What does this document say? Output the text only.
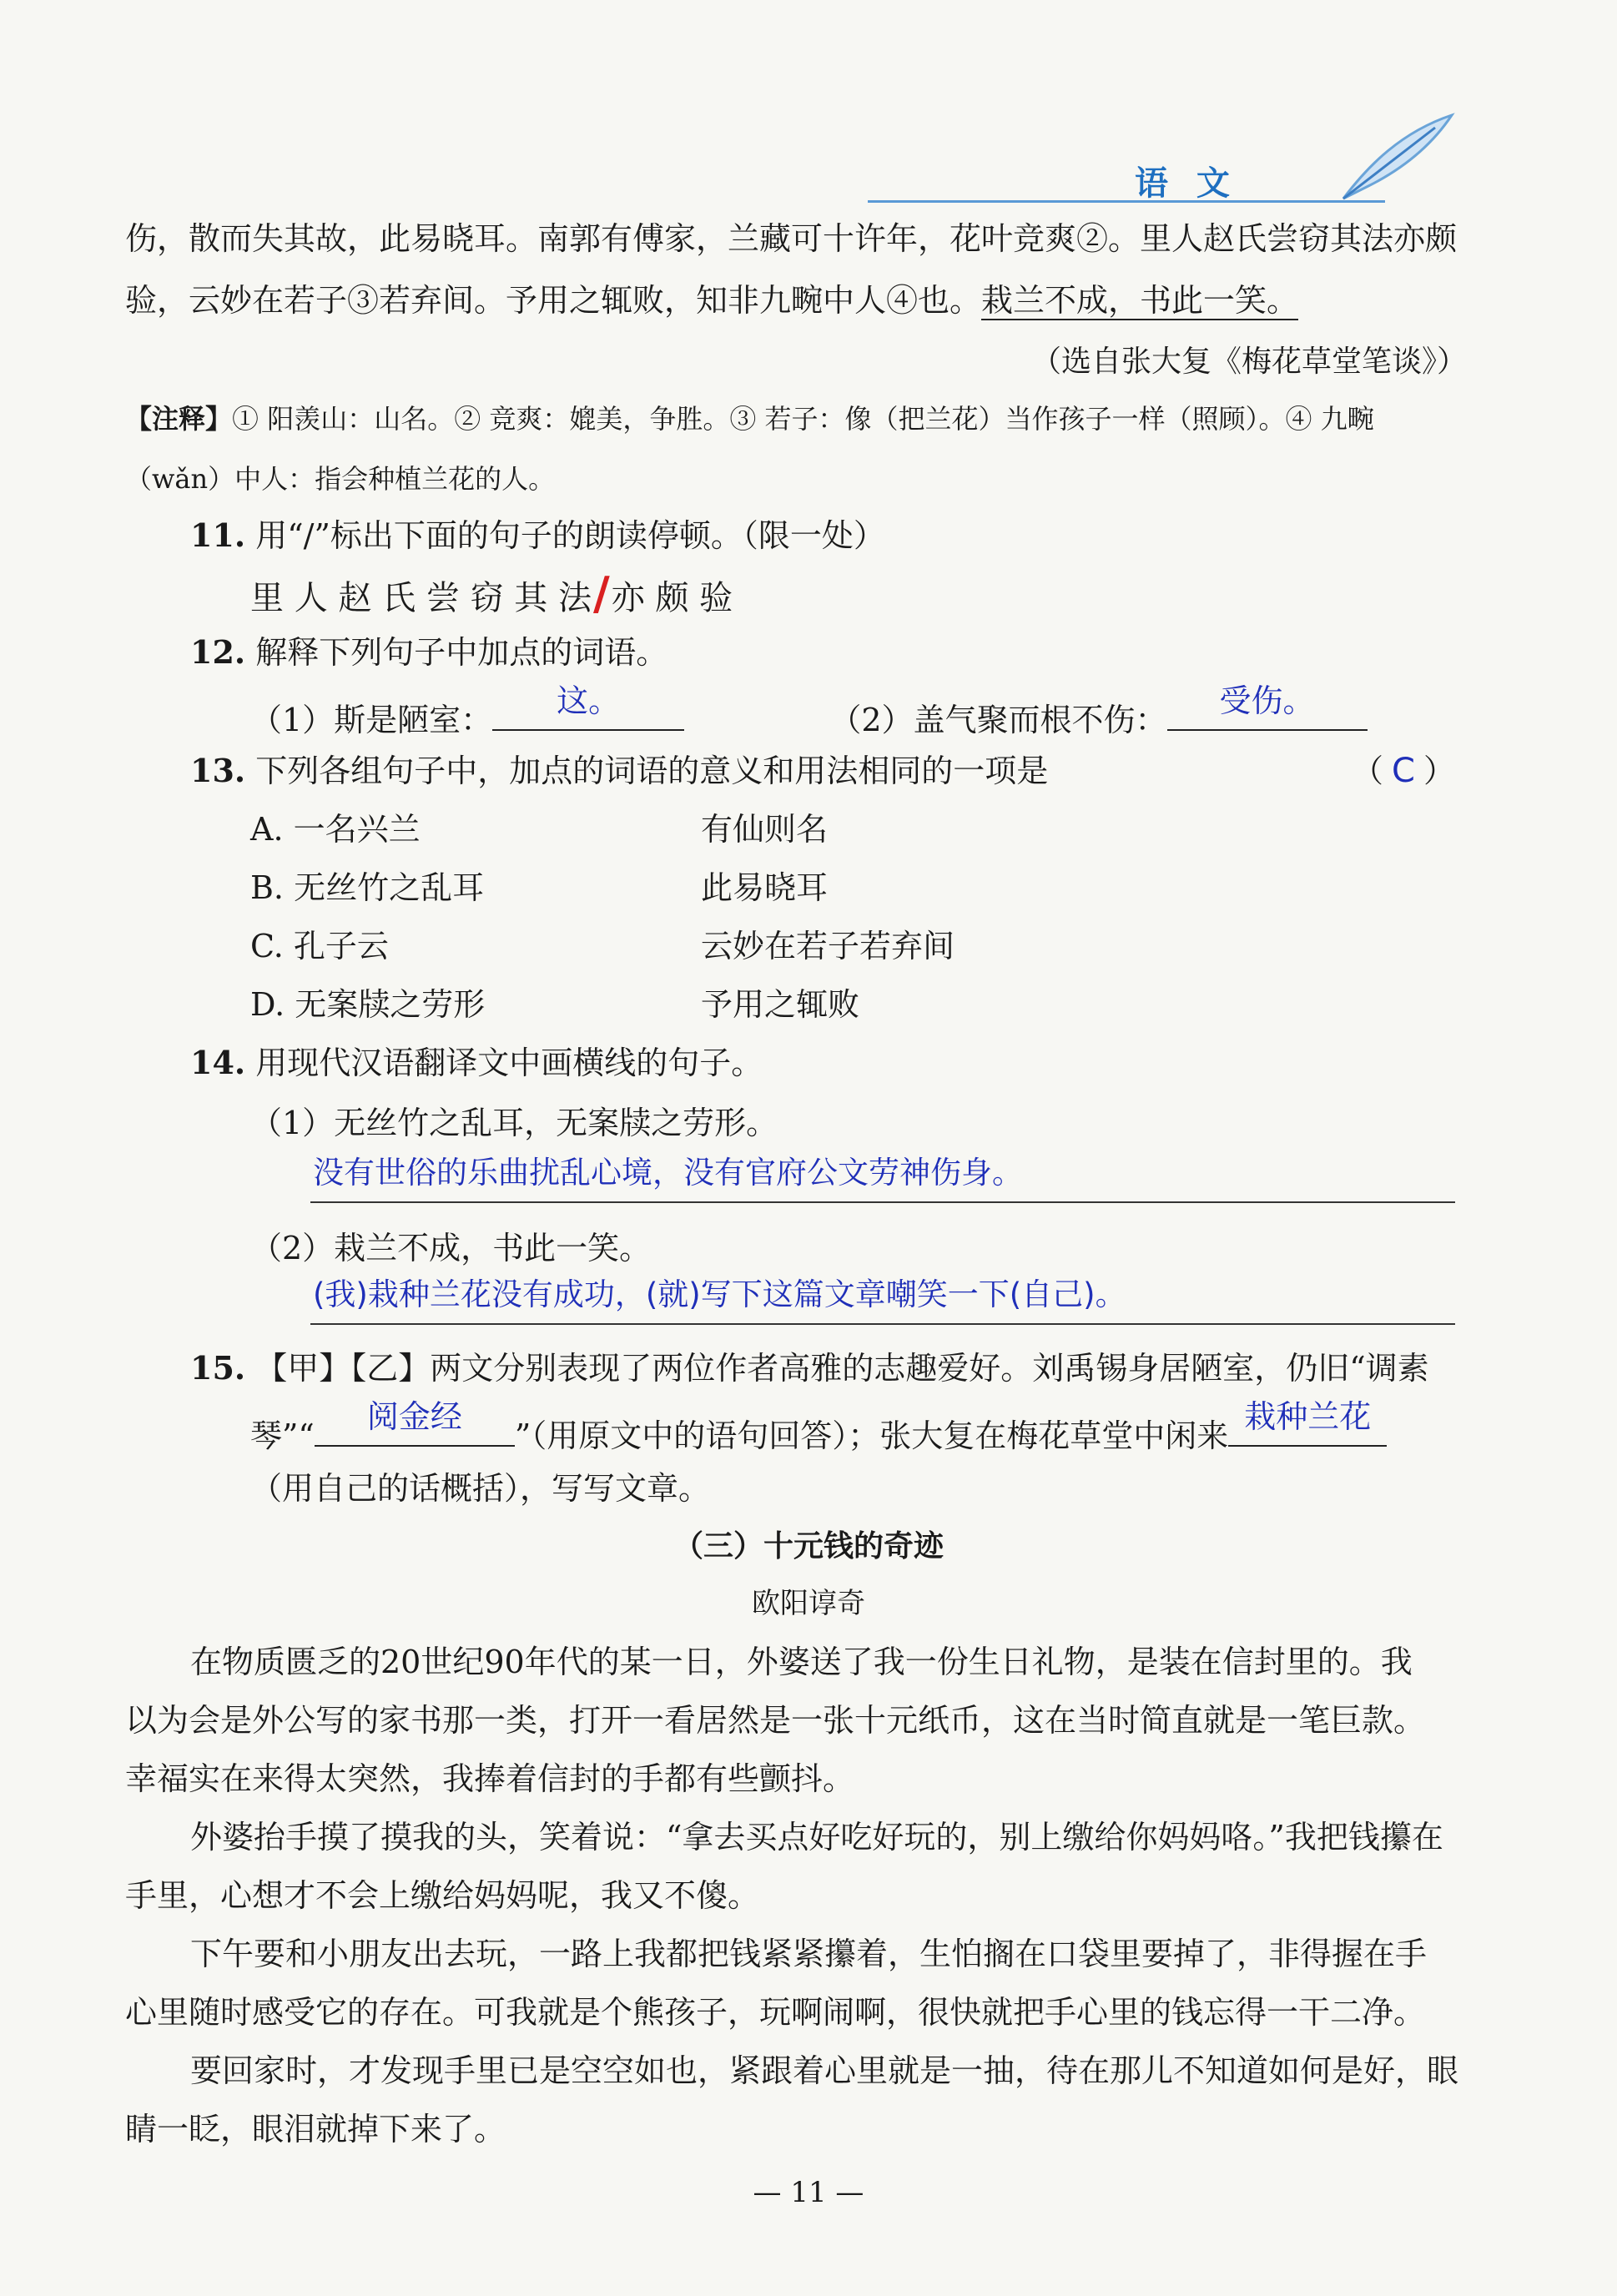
语 文
伤，散而失其故，此易晓耳。南郭有傅家，兰藏可十许年，花叶竞爽②。里人赵氏尝窃其法亦颇
验，云妙在若子③若弃间。予用之辄败，知非九畹中人④也。栽兰不成，书此一笑。
（选自张大复《梅花草堂笔谈》）
【注释】① 阳羡山：山名。② 竞爽：媲美，争胜。③ 若子：像（把兰花）当作孩子一样（照顾）。④ 九畹
（wǎn）中人：指会种植兰花的人。
11. 用“/”标出下面的句子的朗读停顿。（限一处）
里 人 赵 氏 尝 窃 其 法/亦 颇 验
12. 解释下列句子中加点的词语。
（1）斯是陋室：
这。
（2）盖气聚而根不伤：
受伤。
13. 下列各组句子中，加点的词语的意义和用法相同的一项是	（ C ）
A. 一名兴兰	有仙则名
B. 无丝竹之乱耳	此易晓耳
C. 孔子云	云妙在若子若弃间
D. 无案牍之劳形	予用之辄败
14. 用现代汉语翻译文中画横线的句子。
（1）无丝竹之乱耳，无案牍之劳形。
没有世俗的乐曲扰乱心境，没有官府公文劳神伤身。
（2）栽兰不成，书此一笑。
(我)栽种兰花没有成功，(就)写下这篇文章嘲笑一下(自己)。
15. 【甲】【乙】两文分别表现了两位作者高雅的志趣爱好。刘禹锡身居陋室，仍旧“调素
琴”“
阅金经
”（用原文中的语句回答）；张大复在梅花草堂中闲来
栽种兰花
（用自己的话概括），写写文章。
（三）十元钱的奇迹
欧阳谆奇
在物质匮乏的20世纪90年代的某一日，外婆送了我一份生日礼物，是装在信封里的。我
以为会是外公写的家书那一类，打开一看居然是一张十元纸币，这在当时简直就是一笔巨款。
幸福实在来得太突然，我捧着信封的手都有些颤抖。
外婆抬手摸了摸我的头，笑着说：“拿去买点好吃好玩的，别上缴给你妈妈咯。”我把钱攥在
手里，心想才不会上缴给妈妈呢，我又不傻。
下午要和小朋友出去玩，一路上我都把钱紧紧攥着，生怕搁在口袋里要掉了，非得握在手
心里随时感受它的存在。可我就是个熊孩子，玩啊闹啊，很快就把手心里的钱忘得一干二净。
要回家时，才发现手里已是空空如也，紧跟着心里就是一抽，待在那儿不知道如何是好，眼
睛一眨，眼泪就掉下来了。
— 11 —
